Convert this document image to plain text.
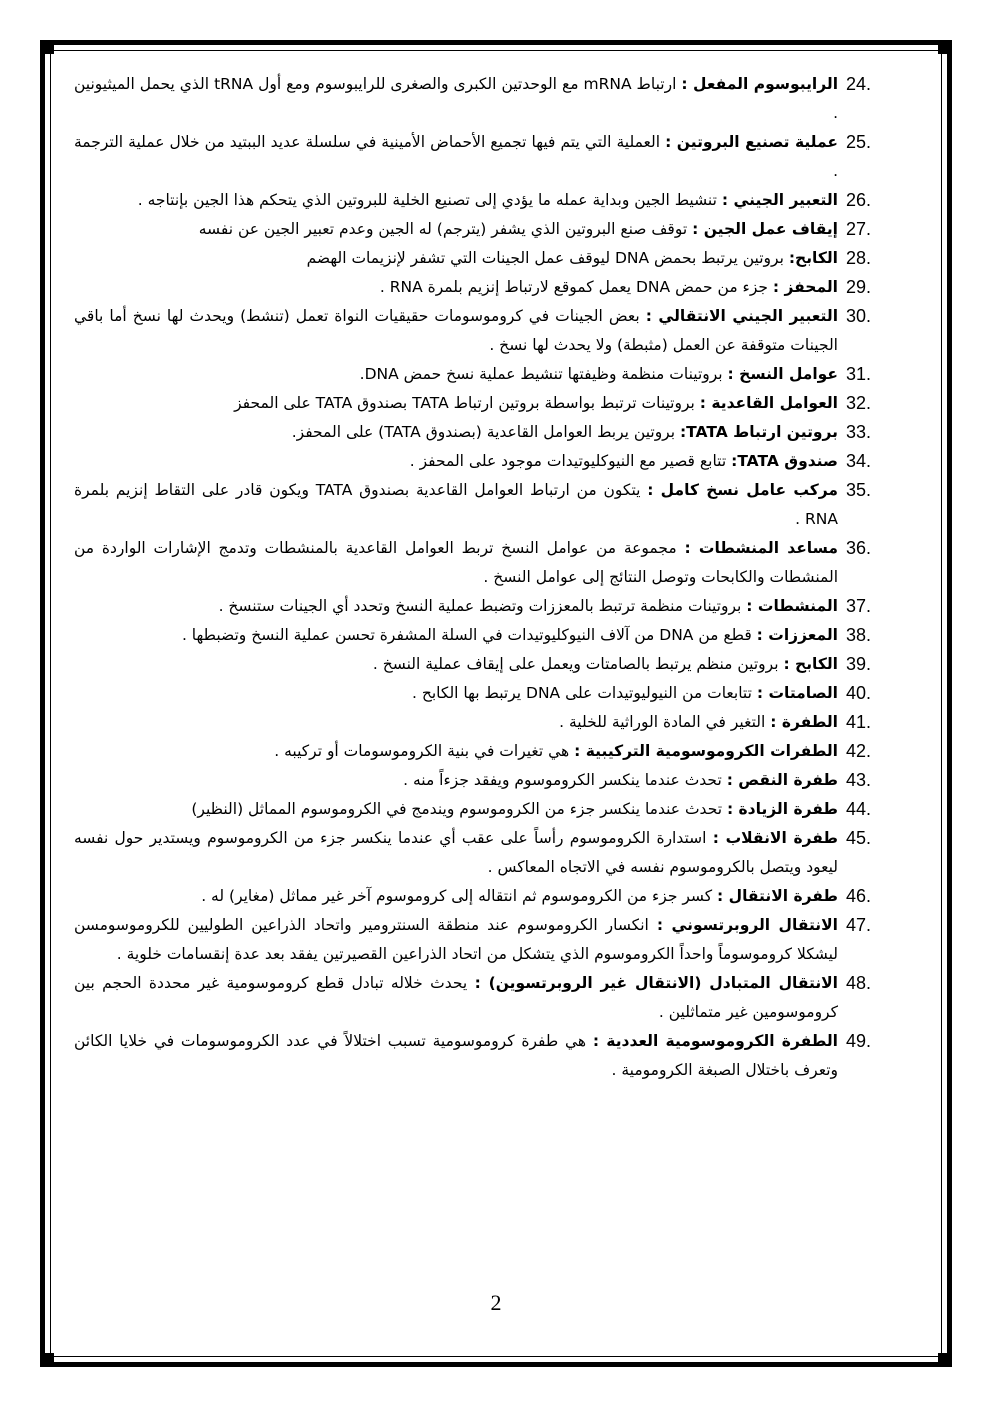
24.
الرايبوسوم المفعل : ارتباط mRNA مع الوحدتين الكبرى والصغرى للرايبوسوم ومع أول tRNA الذي يحمل الميثيونين .
25.
عملية تصنيع البروتين : العملية التي يتم فيها تجميع الأحماض الأمينية في سلسلة عديد الببتيد من خلال عملية الترجمة .
26.
التعبير الجيني : تنشيط الجين وبداية عمله ما يؤدي إلى تصنيع الخلية للبروتين الذي يتحكم هذا الجين بإنتاجه .
27.
إيقاف عمل الجين : توقف صنع البروتين الذي يشفر (يترجم) له الجين وعدم تعبير الجين عن نفسه
28.
الكابح: بروتين يرتبط بحمض DNA ليوقف عمل الجينات التي تشفر لإنزيمات الهضم
29.
المحفز : جزء من حمض DNA يعمل كموقع لارتباط إنزيم بلمرة RNA .
30.
التعبير الجيني الانتقالي : بعض الجينات في كروموسومات حقيقيات النواة تعمل (تنشط) ويحدث لها نسخ أما باقي الجينات متوقفة عن العمل (مثبطة) ولا يحدث لها نسخ .
31.
عوامل النسخ : بروتينات منظمة وظيفتها تنشيط عملية نسخ حمض DNA.
32.
العوامل القاعدية : بروتينات ترتبط بواسطة بروتين ارتباط TATA بصندوق TATA على المحفز
33.
بروتين ارتباط TATA: بروتين يربط العوامل القاعدية (بصندوق TATA) على المحفز.
34.
صندوق TATA: تتابع قصير مع النيوكليوتيدات موجود على المحفز .
35.
مركب عامل نسخ كامل : يتكون من ارتباط العوامل القاعدية بصندوق TATA ويكون قادر على التقاط إنزيم بلمرة RNA .
36.
مساعد المنشطات : مجموعة من عوامل النسخ تربط العوامل القاعدية بالمنشطات وتدمج الإشارات الواردة من المنشطات والكابحات وتوصل النتائج إلى عوامل النسخ .
37.
المنشطات : بروتينات منظمة ترتبط بالمعززات وتضبط عملية النسخ وتحدد أي الجينات ستنسخ .
38.
المعززات : قطع من DNA من آلاف النيوكليوتيدات في السلة المشفرة تحسن عملية النسخ وتضبطها .
39.
الكابح : بروتين منظم يرتبط بالصامتات ويعمل على إيقاف عملية النسخ .
40.
الصامتات : تتابعات من النيوليوتيدات على DNA يرتبط بها الكابح .
41.
الطفرة : التغير في المادة الوراثية للخلية .
42.
الطفرات الكروموسومية التركيبية : هي تغيرات في بنية الكروموسومات أو تركيبه .
43.
طفرة النقص : تحدث عندما ينكسر الكروموسوم ويفقد جزءاً منه .
44.
طفرة الزيادة : تحدث عندما ينكسر جزء من الكروموسوم ويندمج في الكروموسوم المماثل (النظير)
45.
طفرة الانقلاب : استدارة الكروموسوم رأساً على عقب أي عندما ينكسر جزء من الكروموسوم ويستدير حول نفسه ليعود ويتصل بالكروموسوم نفسه في الاتجاه المعاكس .
46.
طفرة الانتقال : كسر جزء من الكروموسوم ثم انتقاله إلى كروموسوم آخر غير مماثل (مغاير) له .
47.
الانتقال الروبرتسوني : انكسار الكروموسوم عند منطقة السنترومير واتحاد الذراعين الطوليين للكروموسومسن ليشكلا كروموسوماً واحداً الكروموسوم الذي يتشكل من اتحاد الذراعين القصيرتين يفقد بعد عدة إنقسامات خلوية .
48.
الانتقال المتبادل (الانتقال غير الروبرتسوين) : يحدث خلاله تبادل قطع كروموسومية غير محددة الحجم بين كروموسومين غير متماثلين .
49.
الطفرة الكروموسومية العددية : هي طفرة كروموسومية تسبب اختلالاً في عدد الكروموسومات في خلايا الكائن وتعرف باختلال الصبغة الكرومومية .
2
